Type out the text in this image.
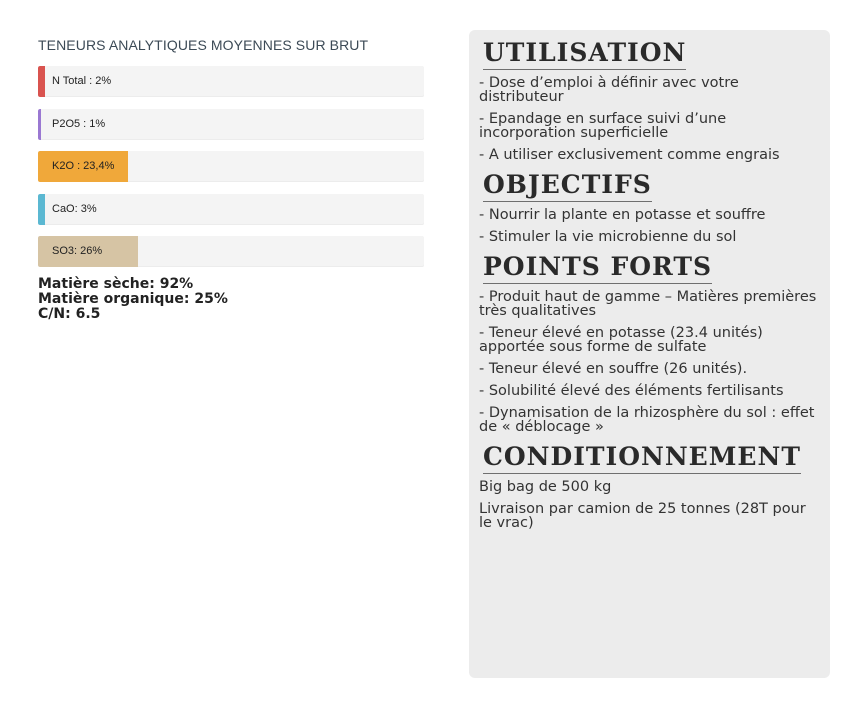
TENEURS ANALYTIQUES MOYENNES SUR BRUT
N Total : 2%
P2O5 : 1%
K2O : 23,4%
CaO: 3%
SO3: 26%
Matière sèche: 92%
Matière organique: 25%
C/N: 6.5
UTILISATION
- Dose d’emploi à définir avec votre distributeur
- Epandage en surface suivi d’une incorporation superficielle
- A utiliser exclusivement comme engrais
OBJECTIFS
- Nourrir la plante en potasse et souffre
- Stimuler la vie microbienne du sol
POINTS FORTS
- Produit haut de gamme – Matières premières très qualitatives
- Teneur élevé en potasse (23.4 unités) apportée sous forme de sulfate
- Teneur élevé en souffre (26 unités).
- Solubilité élevé des éléments fertilisants
- Dynamisation de la rhizosphère du sol : effet de « déblocage »
CONDITIONNEMENT
Big bag de 500 kg
Livraison par camion de 25 tonnes (28T pour le vrac)
